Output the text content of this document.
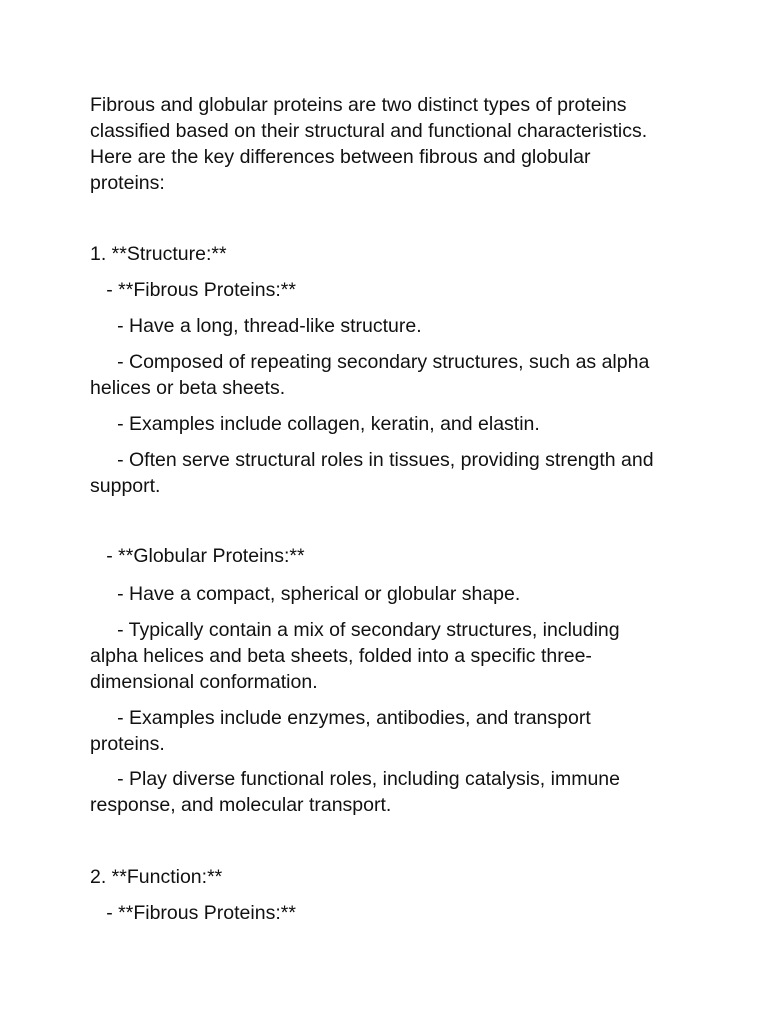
Fibrous and globular proteins are two distinct types of proteins

classified based on their structural and functional characteristics.

Here are the key differences between fibrous and globular

proteins:

1. **Structure:**

- **Fibrous Proteins:**

- Have a long, thread-like structure.

- Composed of repeating secondary structures, such as alpha

helices or beta sheets.

- Examples include collagen, keratin, and elastin.

- Often serve structural roles in tissues, providing strength and

support.

- **Globular Proteins:**

- Have a compact, spherical or globular shape.

- Typically contain a mix of secondary structures, including

alpha helices and beta sheets, folded into a specific three-

dimensional conformation.

- Examples include enzymes, antibodies, and transport

proteins.

- Play diverse functional roles, including catalysis, immune

response, and molecular transport.

2. **Function:**

- **Fibrous Proteins:**
